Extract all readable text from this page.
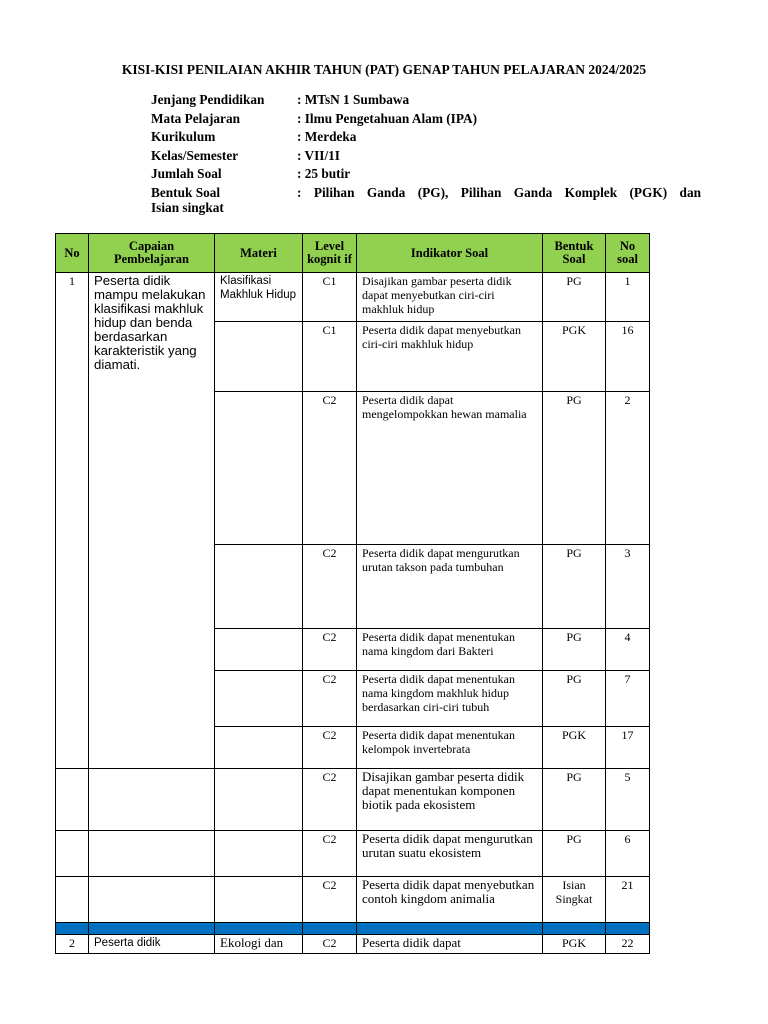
KISI-KISI PENILAIAN AKHIR TAHUN (PAT) GENAP TAHUN PELAJARAN 2024/2025
Jenjang Pendidikan	: MTsN 1 Sumbawa
Mata Pelajaran	: Ilmu Pengetahuan Alam (IPA)
Kurikulum	: Merdeka
Kelas/Semester	: VII/1I
Jumlah Soal	: 25 butir
Bentuk Soal	: Pilihan Ganda (PG), Pilihan Ganda Komplek (PGK) dan
Isian singkat
No	Capaian Pembelajaran	Materi	Level kognit if	Indikator Soal	Bentuk Soal	No soal
1	Peserta didik mampu melakukan klasifikasi makhluk hidup dan benda berdasarkan karakteristik yang diamati.	Klasifikasi Makhluk Hidup	C1	Disajikan gambar peserta didik dapat menyebutkan ciri-ciri makhluk hidup	PG	1
			C1	Peserta didik dapat menyebutkan ciri-ciri makhluk hidup	PGK	16
			C2	Peserta didik dapat mengelompokkan hewan mamalia	PG	2
			C2	Peserta didik dapat mengurutkan urutan takson pada tumbuhan	PG	3
			C2	Peserta didik dapat menentukan nama kingdom dari Bakteri	PG	4
			C2	Peserta didik dapat menentukan nama kingdom makhluk hidup berdasarkan ciri-ciri tubuh	PG	7
			C2	Peserta didik dapat menentukan kelompok invertebrata	PGK	17
			C2	Disajikan gambar peserta didik dapat menentukan komponen biotik pada ekosistem	PG	5
			C2	Peserta didik dapat mengurutkan urutan suatu ekosistem	PG	6
			C2	Peserta didik dapat menyebutkan contoh kingdom animalia	Isian Singkat	21

2	Peserta didik	Ekologi dan	C2	Peserta didik dapat	PGK	22
